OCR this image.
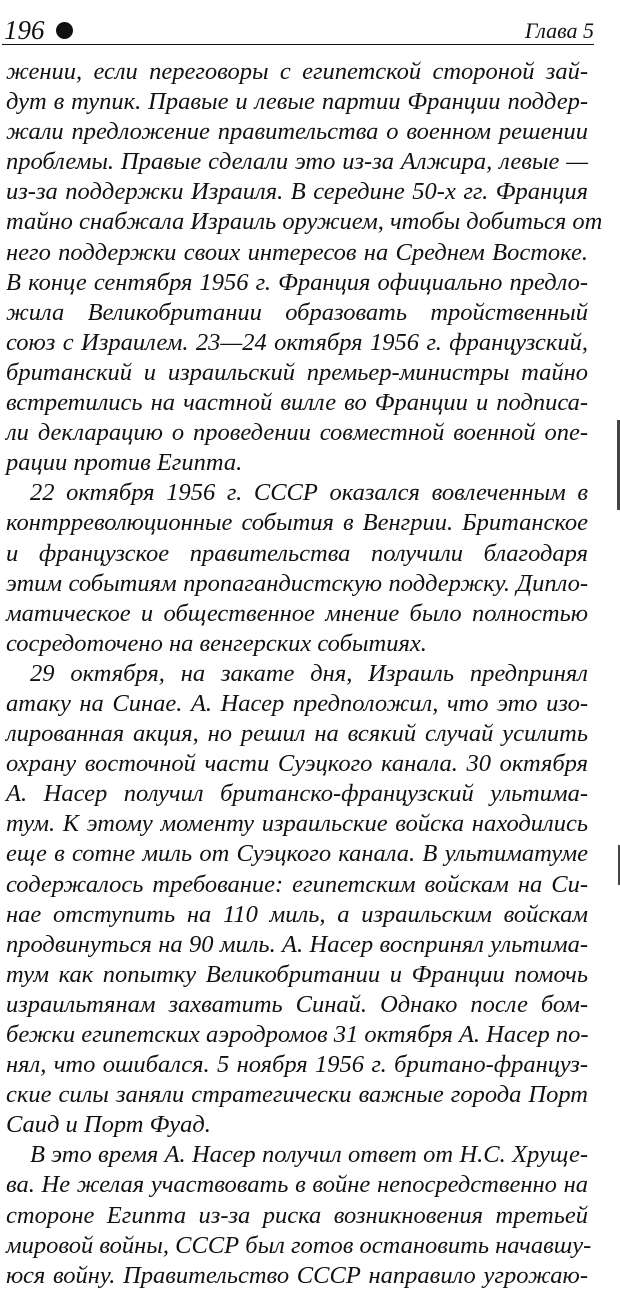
196	Глава 5
жении, если переговоры с египетской стороной зай-
дут в тупик. Правые и левые партии Франции поддер-
жали предложение правительства о военном решении
проблемы. Правые сделали это из-за Алжира, левые —
из-за поддержки Израиля. В середине 50-х гг. Франция
тайно снабжала Израиль оружием, чтобы добиться от
него поддержки своих интересов на Среднем Востоке.
В конце сентября 1956 г. Франция официально предло-
жила Великобритании образовать тройственный
союз с Израилем. 23—24 октября 1956 г. французский,
британский и израильский премьер-министры тайно
встретились на частной вилле во Франции и подписа-
ли декларацию о проведении совместной военной опе-
рации против Египта.
22 октября 1956 г. СССР оказался вовлеченным в
контрреволюционные события в Венгрии. Британское
и французское правительства получили благодаря
этим событиям пропагандистскую поддержку. Дипло-
матическое и общественное мнение было полностью
сосредоточено на венгерских событиях.
29 октября, на закате дня, Израиль предпринял
атаку на Синае. А. Насер предположил, что это изо-
лированная акция, но решил на всякий случай усилить
охрану восточной части Суэцкого канала. 30 октября
А. Насер получил британско-французский ультима-
тум. К этому моменту израильские войска находились
еще в сотне миль от Суэцкого канала. В ультиматуме
содержалось требование: египетским войскам на Си-
нае отступить на 110 миль, а израильским войскам
продвинуться на 90 миль. А. Насер воспринял ультима-
тум как попытку Великобритании и Франции помочь
израильтянам захватить Синай. Однако после бом-
бежки египетских аэродромов 31 октября А. Насер по-
нял, что ошибался. 5 ноября 1956 г. британо-француз-
ские силы заняли стратегически важные города Порт
Саид и Порт Фуад.
В это время А. Насер получил ответ от Н.С. Хруще-
ва. Не желая участвовать в войне непосредственно на
стороне Египта из-за риска возникновения третьей
мировой войны, СССР был готов остановить начавшу-
юся войну. Правительство СССР направило угрожаю-
